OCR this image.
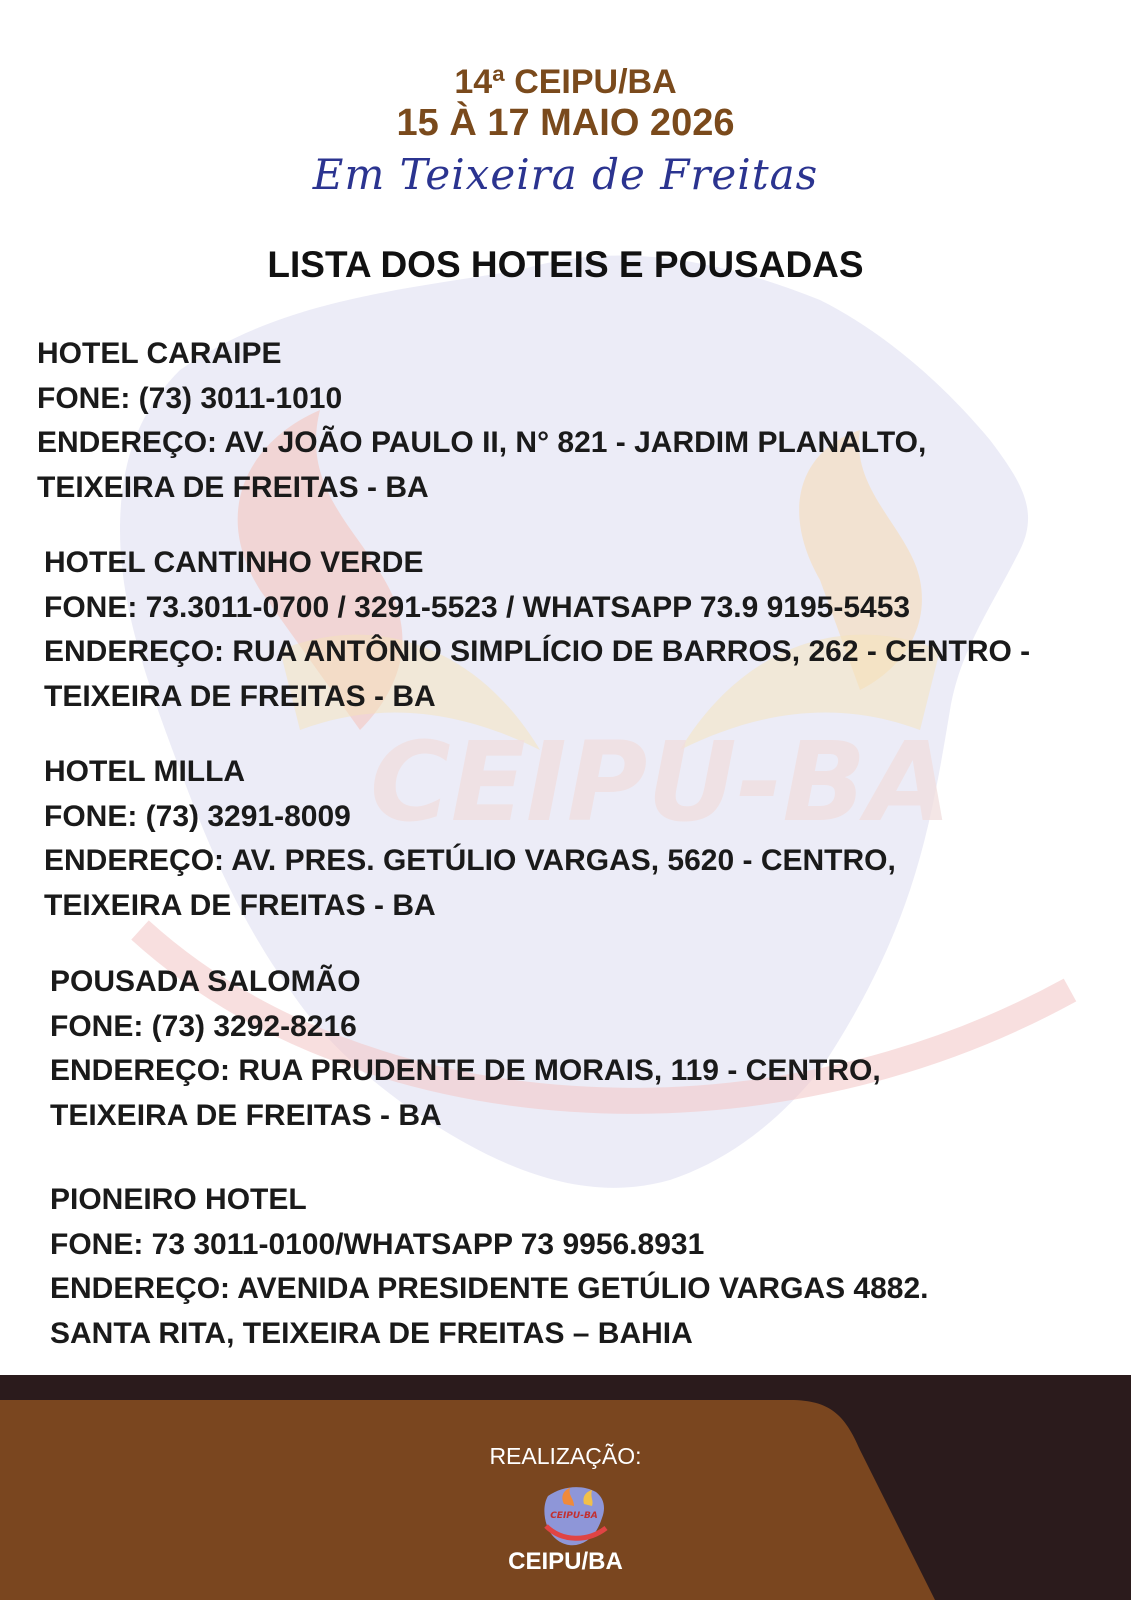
CEIPU-BA
14ª CEIPU/BA
15 À 17 MAIO 2026
Em Teixeira de Freitas
LISTA DOS HOTEIS E POUSADAS
HOTEL CARAIPE
FONE: (73) 3011-1010
ENDEREÇO: AV. JOÃO PAULO II, N° 821 - JARDIM PLANALTO,
TEIXEIRA DE FREITAS - BA
HOTEL CANTINHO VERDE
FONE: 73.3011-0700 / 3291-5523 / WHATSAPP 73.9 9195-5453
ENDEREÇO: RUA ANTÔNIO SIMPLÍCIO DE BARROS, 262 - CENTRO -
TEIXEIRA DE FREITAS - BA
HOTEL MILLA
FONE: (73) 3291-8009
ENDEREÇO: AV. PRES. GETÚLIO VARGAS, 5620 - CENTRO,
TEIXEIRA DE FREITAS - BA
POUSADA SALOMÃO
FONE: (73) 3292-8216
ENDEREÇO: RUA PRUDENTE DE MORAIS, 119 - CENTRO,
TEIXEIRA DE FREITAS - BA
PIONEIRO HOTEL
FONE: 73 3011-0100/WHATSAPP 73 9956.8931
ENDEREÇO: AVENIDA PRESIDENTE GETÚLIO VARGAS 4882.
SANTA RITA, TEIXEIRA DE FREITAS – BAHIA
REALIZAÇÃO:
CEIPU-BA
CEIPU/BA
